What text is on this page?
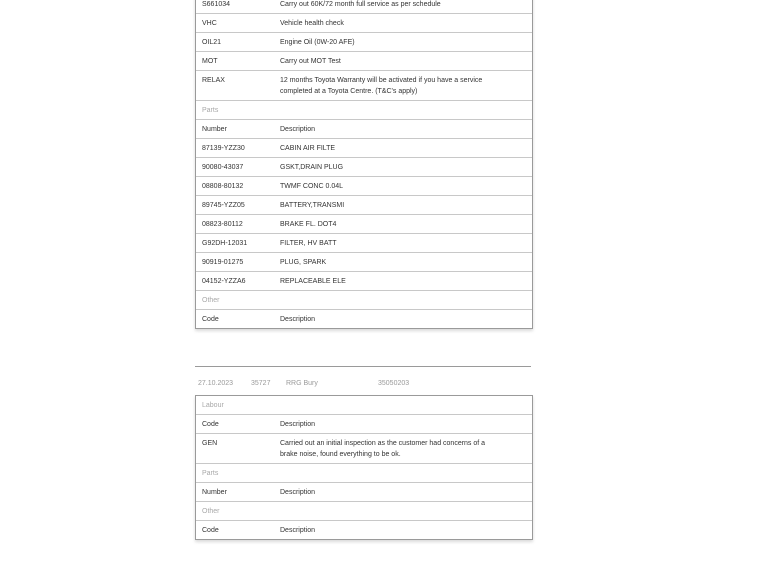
S661034	Carry out 60K/72 month full service as per schedule
VHC	Vehicle health check
OIL21	Engine Oil (0W-20 AFE)
MOT	Carry out MOT Test
RELAX	12 months Toyota Warranty will be activated if you have a service completed at a Toyota Centre. (T&C's apply)
Parts
Number	Description
87139-YZZ30	CABIN AIR FILTE
90080-43037	GSKT,DRAIN PLUG
08808-80132	TWMF CONC 0.04L
89745-YZZ05	BATTERY,TRANSMI
08823-80112	BRAKE FL. DOT4
G92DH-12031	FILTER, HV BATT
90919-01275	PLUG, SPARK
04152-YZZA6	REPLACEABLE ELE
Other
Code	Description
27.10.2023	35727 RRG Bury	35050203
Labour
Code	Description
GEN	Carried out an initial inspection as the customer had concerns of a brake noise, found everything to be ok.
Parts
Number	Description
Other
Code	Description
